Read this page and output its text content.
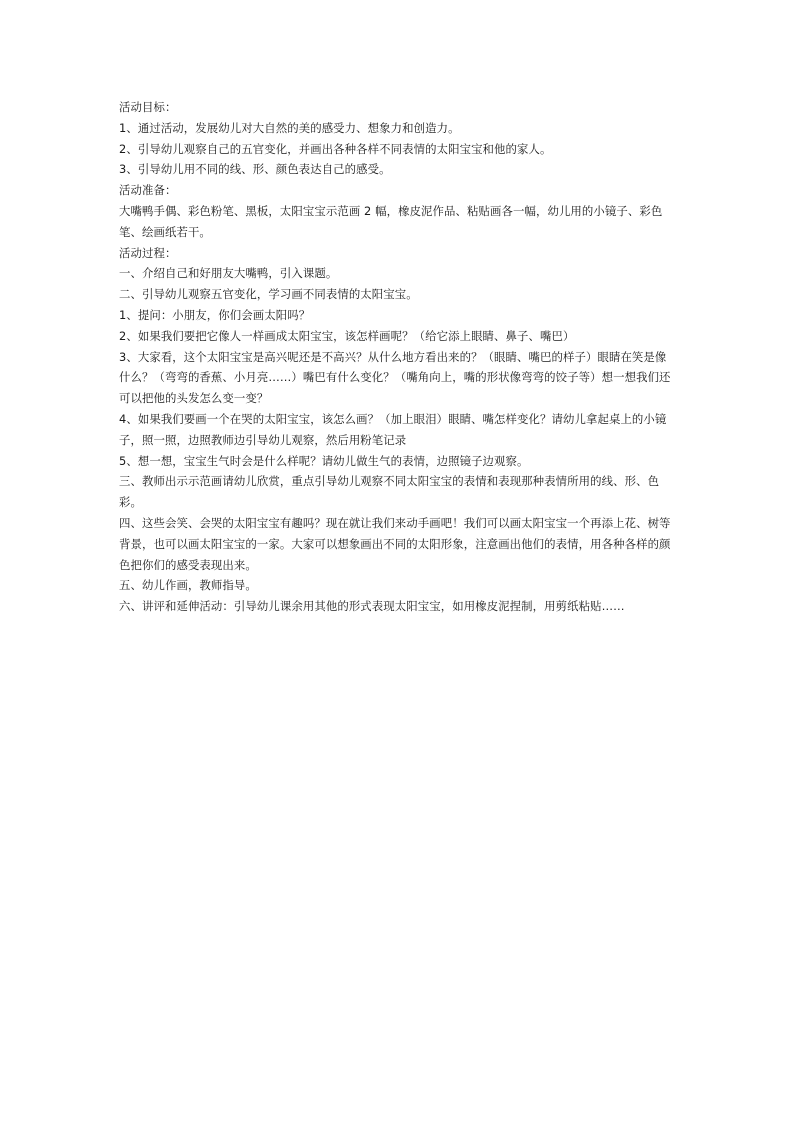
活动目标：

1、通过活动，发展幼儿对大自然的美的感受力、想象力和创造力。

2、引导幼儿观察自己的五官变化，并画出各种各样不同表情的太阳宝宝和他的家人。

3、引导幼儿用不同的线、形、颜色表达自己的感受。

活动准备：

大嘴鸭手偶、彩色粉笔、黑板，太阳宝宝示范画 2 幅，橡皮泥作品、粘贴画各一幅，幼儿用的小镜子、彩色笔、绘画纸若干。

活动过程：

一、介绍自己和好朋友大嘴鸭，引入课题。

二、引导幼儿观察五官变化，学习画不同表情的太阳宝宝。

1、提问：小朋友，你们会画太阳吗？

2、如果我们要把它像人一样画成太阳宝宝，该怎样画呢？（给它添上眼睛、鼻子、嘴巴）

3、大家看，这个太阳宝宝是高兴呢还是不高兴？从什么地方看出来的？（眼睛、嘴巴的样子）眼睛在笑是像什么？（弯弯的香蕉、小月亮……）嘴巴有什么变化？（嘴角向上，嘴的形状像弯弯的饺子等）想一想我们还可以把他的头发怎么变一变？

4、如果我们要画一个在哭的太阳宝宝，该怎么画？（加上眼泪）眼睛、嘴怎样变化？请幼儿拿起桌上的小镜子，照一照，边照教师边引导幼儿观察，然后用粉笔记录

5、想一想，宝宝生气时会是什么样呢？请幼儿做生气的表情，边照镜子边观察。

三、教师出示示范画请幼儿欣赏，重点引导幼儿观察不同太阳宝宝的表情和表现那种表情所用的线、形、色彩。

四、这些会笑、会哭的太阳宝宝有趣吗？现在就让我们来动手画吧！我们可以画太阳宝宝一个再添上花、树等背景，也可以画太阳宝宝的一家。大家可以想象画出不同的太阳形象，注意画出他们的表情，用各种各样的颜色把你们的感受表现出来。

五、幼儿作画，教师指导。

六、讲评和延伸活动：引导幼儿课余用其他的形式表现太阳宝宝，如用橡皮泥捏制，用剪纸粘贴……
